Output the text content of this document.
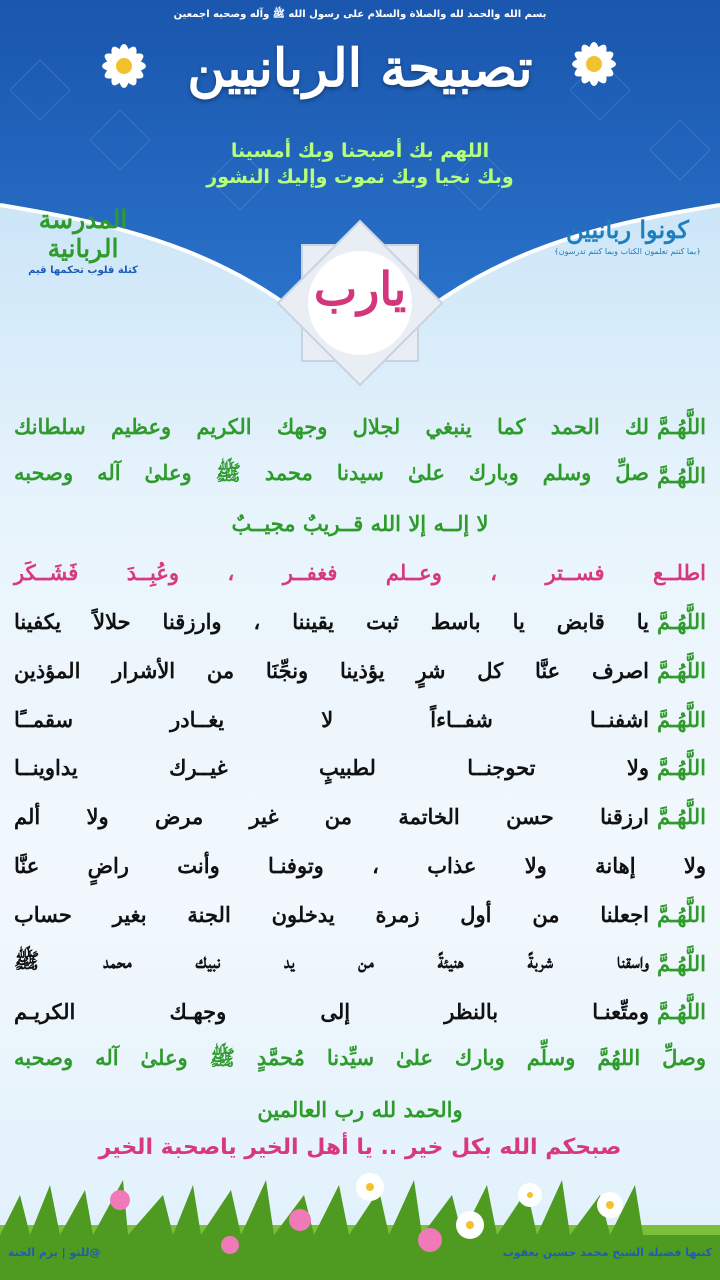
بسم الله والحمد لله والصلاة والسلام على رسول الله ﷺ وآله وصحبه اجمعين
تصبيحة الربانيين
اللهم بك أصبحنا وبك أمسينا
وبك نحيا وبك نموت وإليك النشور
المدرسة الربانية
كتلة قلوب تحكمها قيم
كونوا ربانيين
﴿بما كنتم تعلمون الكتاب وبما كنتم تدرسون﴾
يارب
اللَّهُـمَّ
لك الحمد كما ينبغي لجلال وجهك الكريم وعظيم سلطانك
اللَّهُـمَّ
صلِّ وسلم وبارك علىٰ سيدنا محمد ﷺ وعلىٰ آله وصحبه
لا إلــه إلا الله قــريبٌ مجيــبٌ
اطلــع فســتر ، وعــلم فغفــر ، وعُبِــدَ فَشَــكَر
اللَّهُـمَّ
يا قابض يا باسط ثبت يقيننا ، وارزقنا حلالاً يكفينا
اللَّهُـمَّ
اصرف عنَّا كل شرٍ يؤذينا ونجِّنَا من الأشرار المؤذين
اللَّهُـمَّ
اشفنــا شفــاءاً لا يغــادر سقمــًا
اللَّهُـمَّ
ولا تحوجنــا لطبيبٍ غيــرك يداوينــا
اللَّهُـمَّ
ارزقنا حسن الخاتمة من غير مرض ولا ألم
ولا إهانة ولا عذاب ، وتوفنـا وأنت راضٍ عنَّا
اللَّهُـمَّ
اجعلنا من أول زمرة يدخلون الجنة بغير حساب
اللَّهُـمَّ
واسقنا شربةً هنيئةً من يد نبيك محمد ﷺ
اللَّهُـمَّ
ومتِّعنـا بالنظر إلى وجهـك الكريـم
وصلِّ اللهُمَّ وسلِّم وبارك علىٰ سيِّدنا مُحمَّدٍ ﷺ وعلىٰ آله وصحبه
والحمد لله رب العالمين
صبحكم الله بكل خير .. يا أهل الخير ياصحبة الخير
@للنو | يزم الجنة	كتبها فضيلة الشيخ محمد حسين يعقوب
